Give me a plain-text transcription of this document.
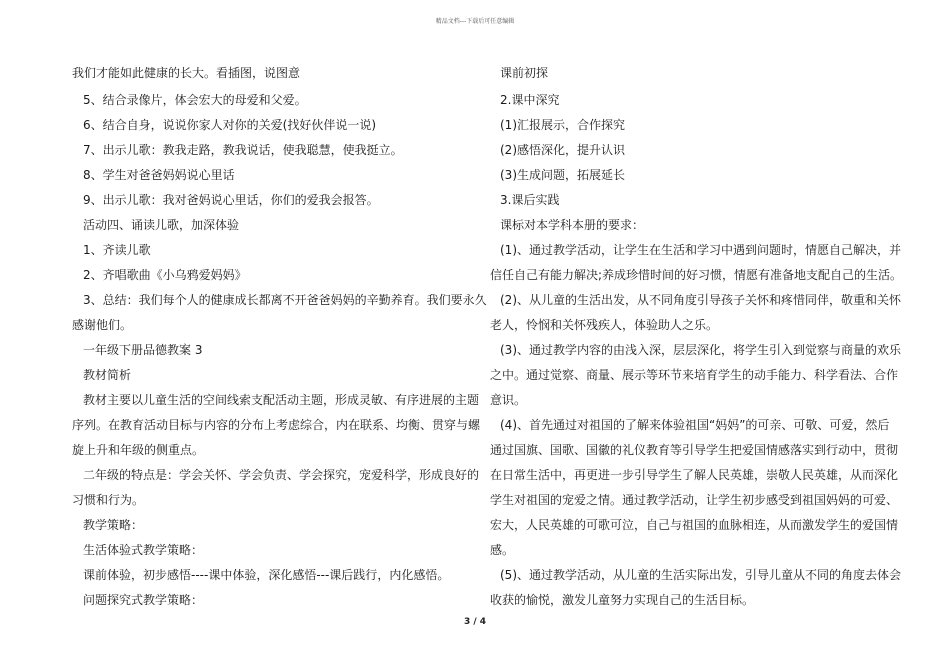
精品文档---下载后可任意编辑
我们才能如此健康的长大。看插图，说图意
5、结合录像片，体会宏大的母爱和父爱。
6、结合自身，说说你家人对你的关爱(找好伙伴说一说)
7、出示儿歌：教我走路，教我说话，使我聪慧，使我挺立。
8、学生对爸爸妈妈说心里话
9、出示儿歌：我对爸妈说心里话，你们的爱我会报答。
活动四、诵读儿歌，加深体验
1、齐读儿歌
2、齐唱歌曲《小乌鸦爱妈妈》
3、总结：我们每个人的健康成长都离不开爸爸妈妈的辛勤养育。我们要永久
感谢他们。
一年级下册品德教案 3
教材简析
教材主要以儿童生活的空间线索支配活动主题，形成灵敏、有序进展的主题
序列。在教育活动目标与内容的分布上考虑综合，内在联系、均衡、贯穿与螺
旋上升和年级的侧重点。
二年级的特点是：学会关怀、学会负责、学会探究，宠爱科学，形成良好的
习惯和行为。
教学策略：
生活体验式教学策略：
课前体验，初步感悟----课中体验，深化感悟---课后践行，内化感悟。
问题探究式教学策略：
课前初探
2.课中深究
(1)汇报展示，合作探究
(2)感悟深化，提升认识
(3)生成问题，拓展延长
3.课后实践
课标对本学科本册的要求：
(1)、通过教学活动，让学生在生活和学习中遇到问题时，情愿自己解决，并
信任自己有能力解决;养成珍惜时间的好习惯，情愿有准备地支配自己的生活。
(2)、从儿童的生活出发，从不同角度引导孩子关怀和疼惜同伴，敬重和关怀
老人，怜悯和关怀残疾人，体验助人之乐。
(3)、通过教学内容的由浅入深，层层深化，将学生引入到觉察与商量的欢乐
之中。通过觉察、商量、展示等环节来培育学生的动手能力、科学看法、合作
意识。
(4)、首先通过对祖国的了解来体验祖国“妈妈”的可亲、可敬、可爱，然后
通过国旗、国歌、国徽的礼仪教育等引导学生把爱国情感落实到行动中，贯彻
在日常生活中，再更进一步引导学生了解人民英雄，崇敬人民英雄，从而深化
学生对祖国的宠爱之情。通过教学活动，让学生初步感受到祖国妈妈的可爱、
宏大，人民英雄的可歌可泣，自己与祖国的血脉相连，从而激发学生的爱国情
感。
(5)、通过教学活动，从儿童的生活实际出发，引导儿童从不同的角度去体会
收获的愉悦，激发儿童努力实现自己的生活目标。
3 / 4
